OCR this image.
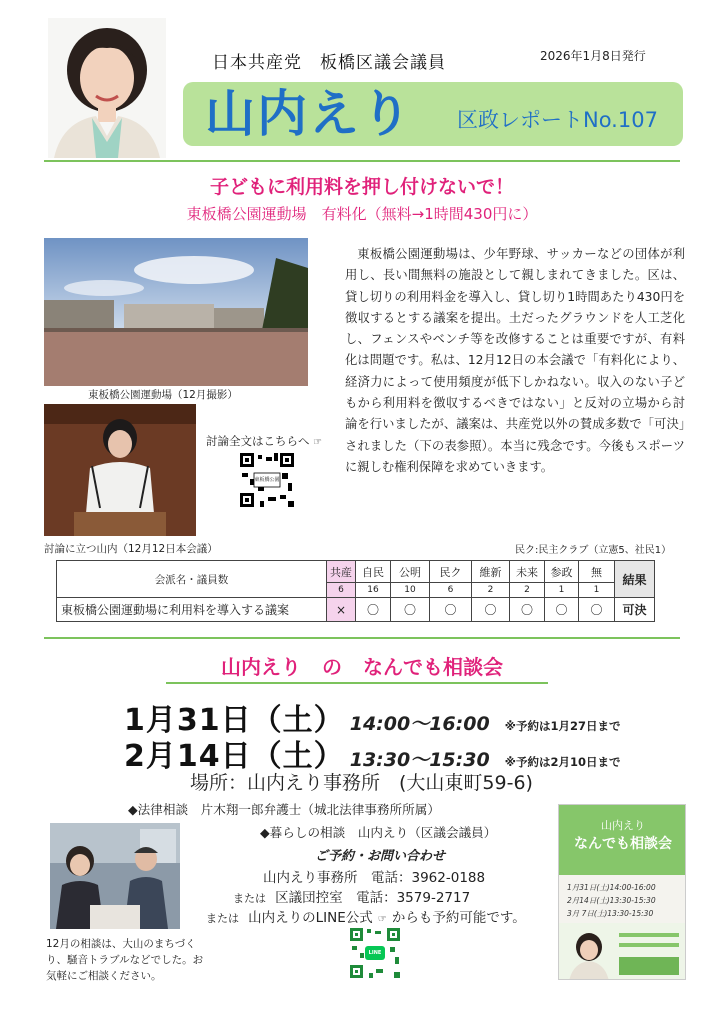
日本共産党　板橋区議会議員	2026年1月8日発行
山内えり 区政レポートNo.107
子どもに利用料を押し付けないで！
東板橋公園運動場　有料化（無料→1時間430円に）
東板橋公園運動場（12月撮影）
討論に立つ山内（12月12日本会議）
討論全文はこちらへ ☞
東板橋公園
東板橋公園運動場は、少年野球、サッカーなどの団体が利用し、長い間無料の施設として親しまれてきました。区は、貸し切りの利用料金を導入し、貸し切り1時間あたり430円を徴収するとする議案を提出。土だったグラウンドを人工芝化し、フェンスやベンチ等を改修することは重要ですが、有料化は問題です。私は、12月12日の本会議で「有料化により、経済力によって使用頻度が低下しかねない。収入のない子どもから利用料を徴収するべきではない」と反対の立場から討論を行いましたが、議案は、共産党以外の賛成多数で「可決」されました（下の表参照）。本当に残念です。今後もスポーツに親しむ権利保障を求めていきます。
民ク:民主クラブ（立憲5、社民1）
会派名・議員数	共産	自民	公明	民ク	維新	未来	参政	無	結果
	6	16	10	6	2	2	1	1	
東板橋公園運動場に利用料を導入する議案	×	〇	〇	〇	〇	〇	〇	〇	可決
山内えり の なんでも相談会
1月31日（土） 14:00～16:00 ※予約は1月27日まで
2月14日（土） 13:30～15:30 ※予約は2月10日まで
場所：山内えり事務所　(大山東町59-6)
◆法律相談　片木翔一郎弁護士（城北法律事務所所属）
◆暮らしの相談　山内えり（区議会議員）
ご予約・お問い合わせ
山内えり事務所　電話：3962-0188
または 区議団控室　電話：3579-2717
または 山内えりのLINE公式 ☞ からも予約可能です。
LINE
12月の相談は、大山のまちづくり、騒音トラブルなどでした。お気軽にご相談ください。
山内えり
なんでも相談会
1月31日(土)14:00-16:00
2月14日(土)13:30-15:30
3月 7日(土)13:30-15:30
